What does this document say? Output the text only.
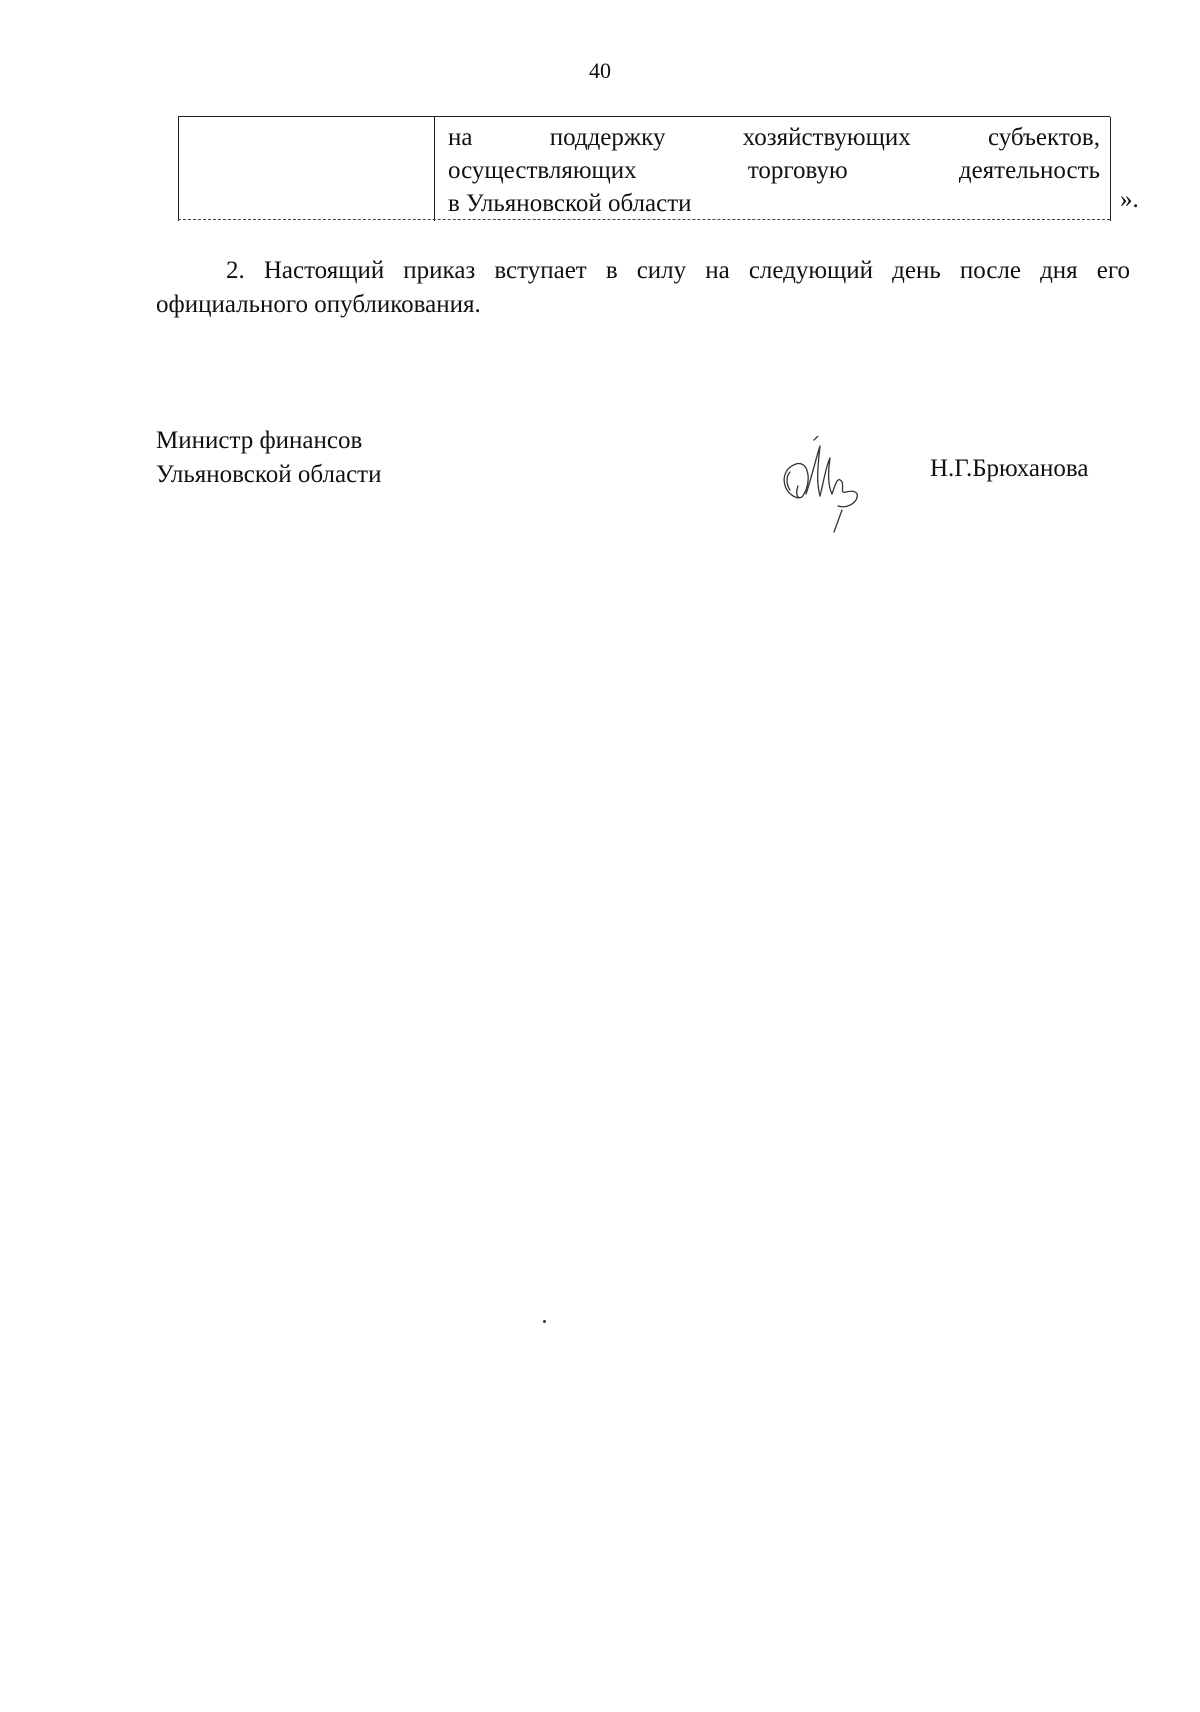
40
на	поддержку	хозяйствующих	субъектов,
осуществляющих	торговую	деятельность
в Ульяновской области	».
2. Настоящий приказ вступает в силу на следующий день после дня его официального опубликования.
Министр финансов
Ульяновской области	Н.Г.Брюханова
